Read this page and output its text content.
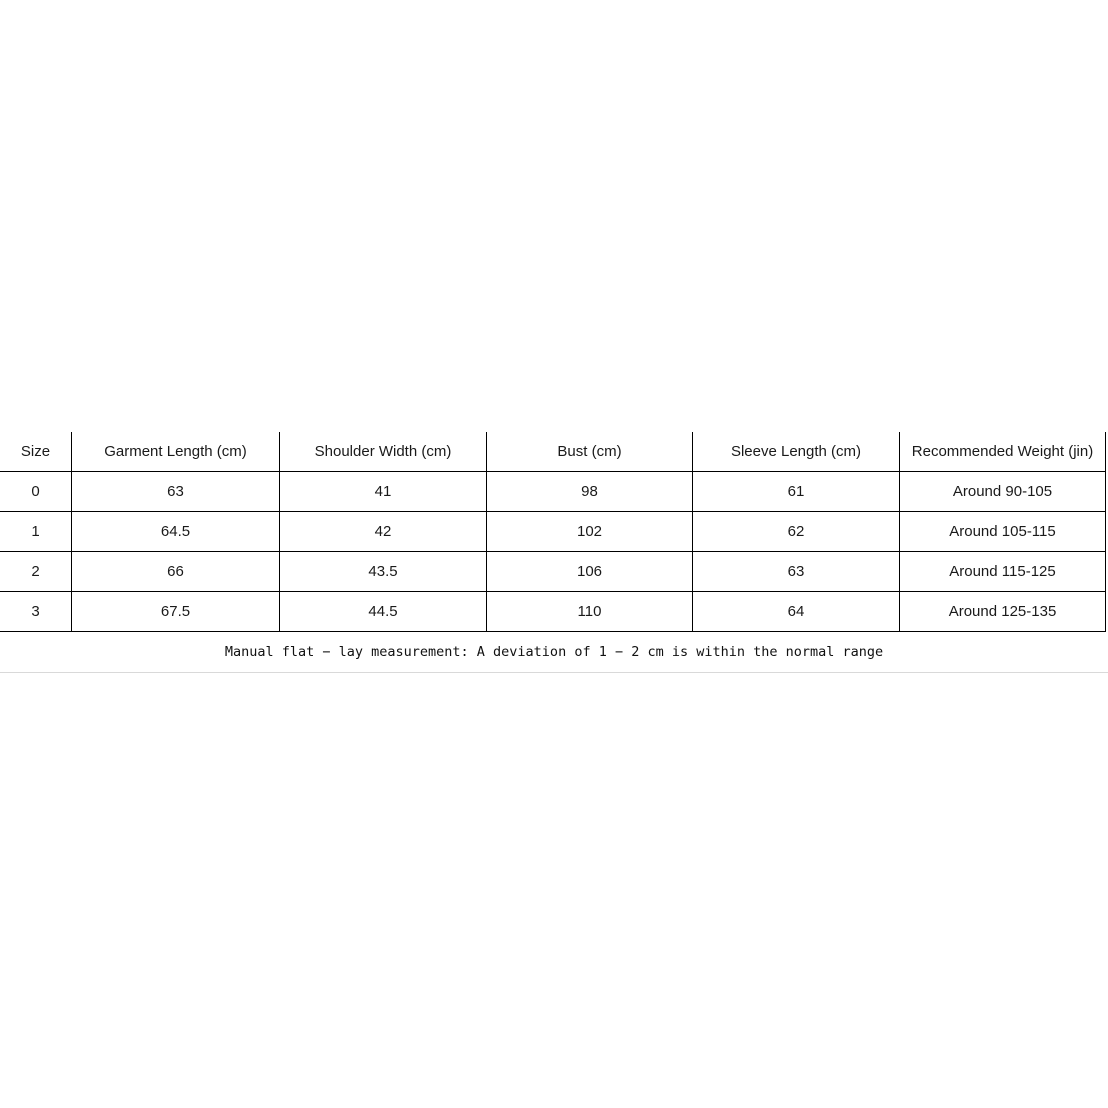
Size	Garment Length (cm)	Shoulder Width (cm)	Bust (cm)	Sleeve Length (cm)	Recommended Weight (jin)
0	63	41	98	61	Around 90-105
1	64.5	42	102	62	Around 105-115
2	66	43.5	106	63	Around 115-125
3	67.5	44.5	110	64	Around 125-135
Manual flat − lay measurement: A deviation of 1 − 2 cm is within the normal range
